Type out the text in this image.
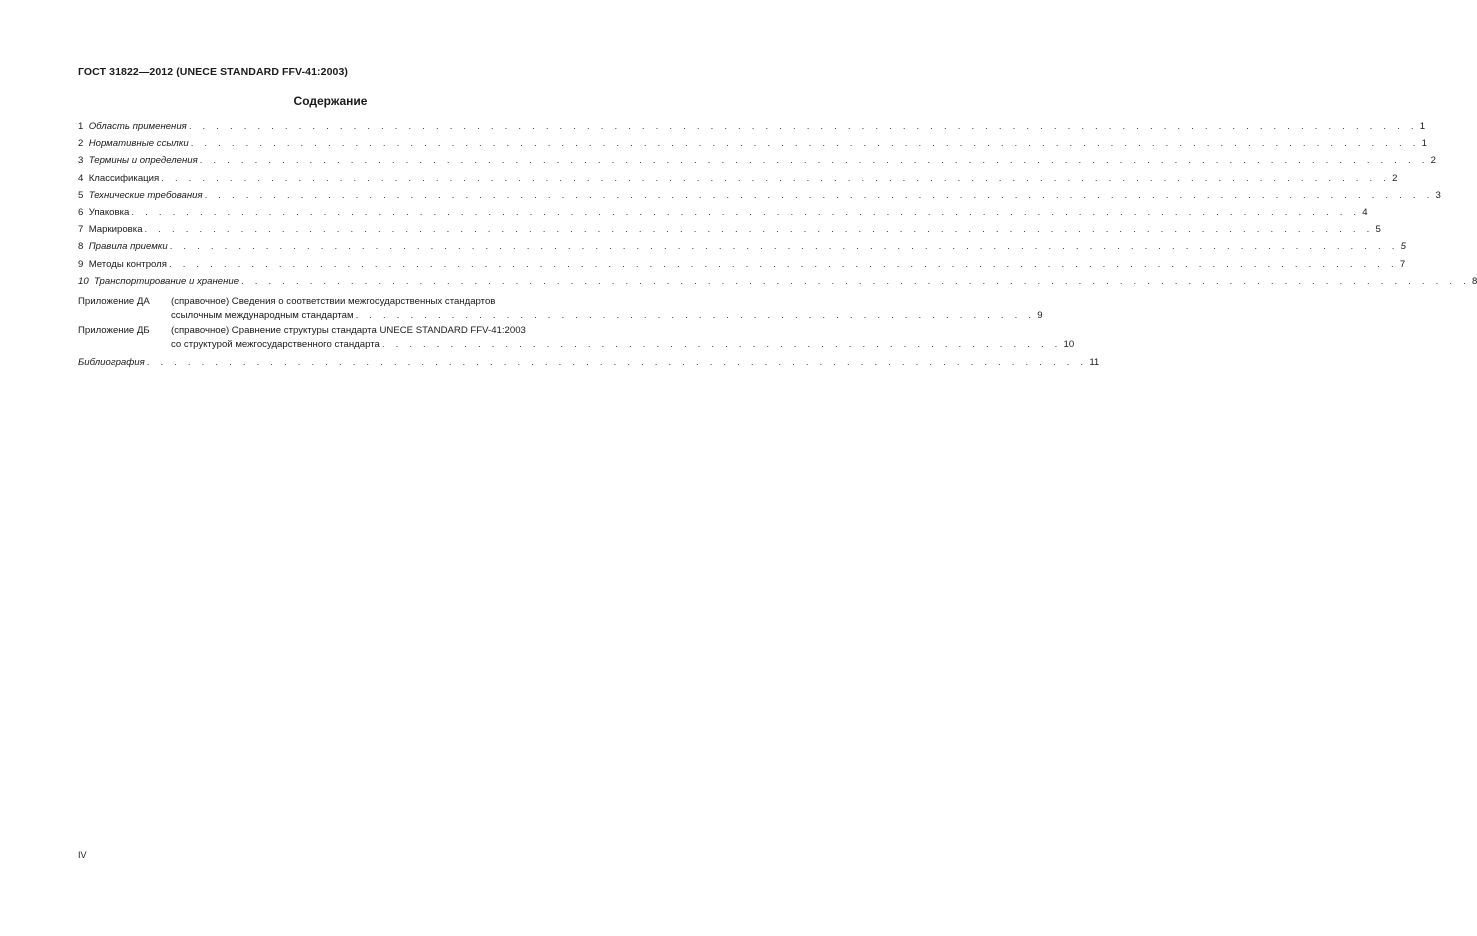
ГОСТ 31822—2012 (UNECE STANDARD FFV-41:2003)
Содержание
1
Область применения . . . . . . . . . . . . . . . . . . . . . . . . . . . . . . . . . . . . . . . . . . . . . . . . . . . . . . . . . . . . . . . . . . . . . . . . . . . . . . . . . . . . . . . . . . 1
2
Нормативные ссылки . . . . . . . . . . . . . . . . . . . . . . . . . . . . . . . . . . . . . . . . . . . . . . . . . . . . . . . . . . . . . . . . . . . . . . . . . . . . . . . . . . . . . . . . . . 1
3
Термины и определения . . . . . . . . . . . . . . . . . . . . . . . . . . . . . . . . . . . . . . . . . . . . . . . . . . . . . . . . . . . . . . . . . . . . . . . . . . . . . . . . . . . . . . . . . . 2
4
Классификация . . . . . . . . . . . . . . . . . . . . . . . . . . . . . . . . . . . . . . . . . . . . . . . . . . . . . . . . . . . . . . . . . . . . . . . . . . . . . . . . . . . . . . . . . . 2
5
Технические требования . . . . . . . . . . . . . . . . . . . . . . . . . . . . . . . . . . . . . . . . . . . . . . . . . . . . . . . . . . . . . . . . . . . . . . . . . . . . . . . . . . . . . . . . . . 3
6
Упаковка . . . . . . . . . . . . . . . . . . . . . . . . . . . . . . . . . . . . . . . . . . . . . . . . . . . . . . . . . . . . . . . . . . . . . . . . . . . . . . . . . . . . . . . . . . 4
7
Маркировка . . . . . . . . . . . . . . . . . . . . . . . . . . . . . . . . . . . . . . . . . . . . . . . . . . . . . . . . . . . . . . . . . . . . . . . . . . . . . . . . . . . . . . . . . . 5
8
Правила приемки . . . . . . . . . . . . . . . . . . . . . . . . . . . . . . . . . . . . . . . . . . . . . . . . . . . . . . . . . . . . . . . . . . . . . . . . . . . . . . . . . . . . . . . . . . 5
9
Методы контроля . . . . . . . . . . . . . . . . . . . . . . . . . . . . . . . . . . . . . . . . . . . . . . . . . . . . . . . . . . . . . . . . . . . . . . . . . . . . . . . . . . . . . . . . . . 7
10
Транспортирование и хранение . . . . . . . . . . . . . . . . . . . . . . . . . . . . . . . . . . . . . . . . . . . . . . . . . . . . . . . . . . . . . . . . . . . . . . . . . . . . . . . . . . . . . . . . . . 8
Приложение ДА (справочное) Сведения о соответствии межгосударственных стандартов
ссылочным международным стандартам . . . . . . . . . . . . . . . . . . . . . . . . . . . . . . . . . . . . . . . . . . . . . . . . . . 9
Приложение ДБ (справочное) Сравнение структуры стандарта UNECE STANDARD FFV-41:2003
со структурой межгосударственного стандарта . . . . . . . . . . . . . . . . . . . . . . . . . . . . . . . . . . . . . . . . . . . . . . . . . . 10
Библиография . . . . . . . . . . . . . . . . . . . . . . . . . . . . . . . . . . . . . . . . . . . . . . . . . . . . . . . . . . . . . . . . . . . . . 11
IV
